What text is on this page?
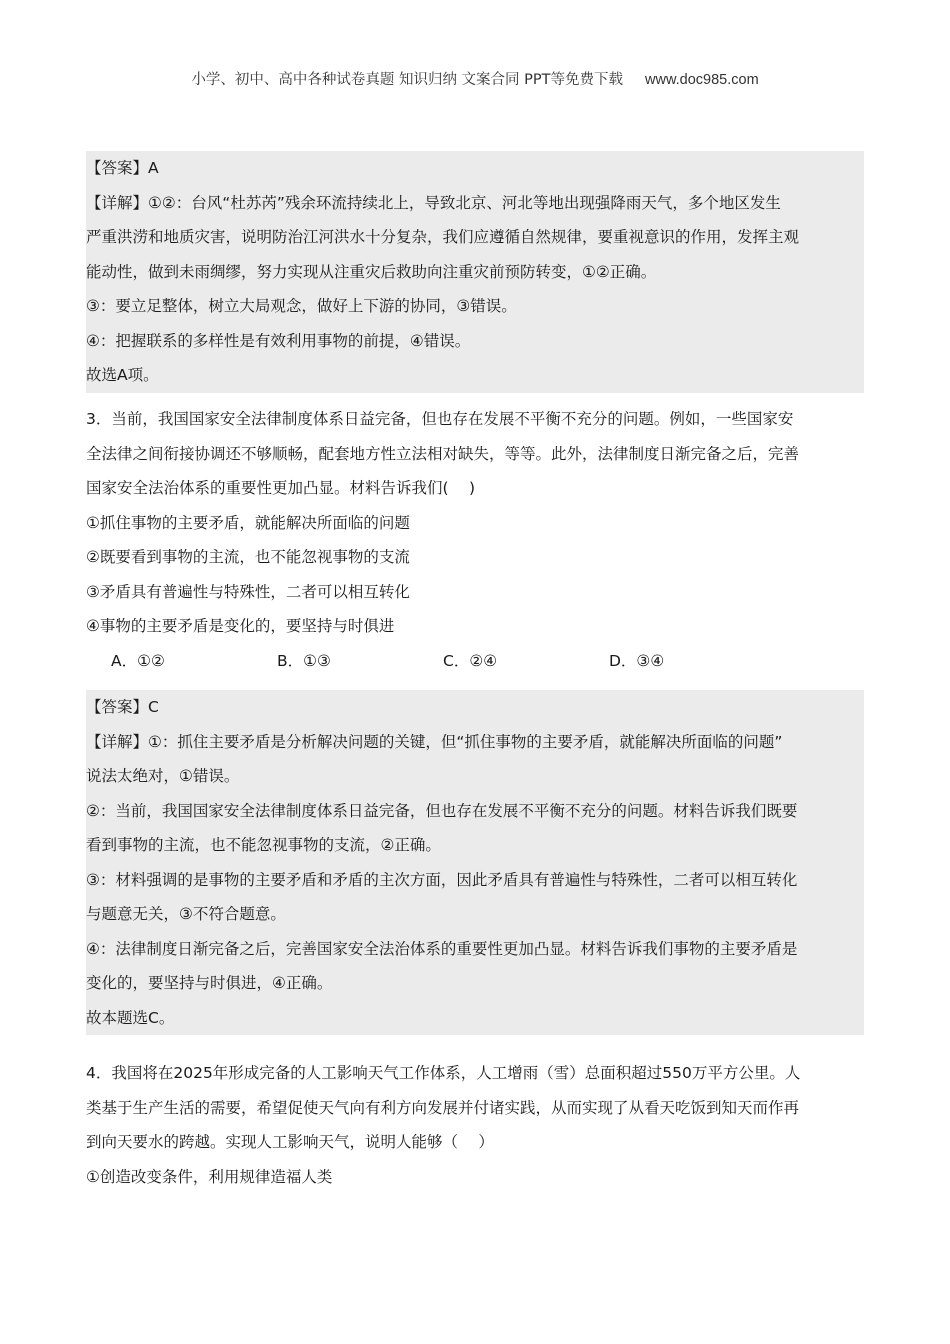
小学、初中、高中各种试卷真题 知识归纳 文案合同 PPT等免费下载 www.doc985.com
【答案】A
【详解】①②：台风“杜苏芮”残余环流持续北上，导致北京、河北等地出现强降雨天气，多个地区发生
严重洪涝和地质灾害，说明防治江河洪水十分复杂，我们应遵循自然规律，要重视意识的作用，发挥主观
能动性，做到未雨绸缪，努力实现从注重灾后救助向注重灾前预防转变，①②正确。
③：要立足整体，树立大局观念，做好上下游的协同，③错误。
④：把握联系的多样性是有效利用事物的前提，④错误。
故选A项。
3．当前，我国国家安全法律制度体系日益完备，但也存在发展不平衡不充分的问题。例如，一些国家安
全法律之间衔接协调还不够顺畅，配套地方性立法相对缺失，等等。此外，法律制度日渐完备之后，完善
国家安全法治体系的重要性更加凸显。材料告诉我们(　 )
①抓住事物的主要矛盾，就能解决所面临的问题
②既要看到事物的主流，也不能忽视事物的支流
③矛盾具有普遍性与特殊性，二者可以相互转化
④事物的主要矛盾是变化的，要坚持与时俱进
A．①②	B．①③	C．②④	D．③④
【答案】C
【详解】①：抓住主要矛盾是分析解决问题的关键，但“抓住事物的主要矛盾，就能解决所面临的问题”
说法太绝对，①错误。
②：当前，我国国家安全法律制度体系日益完备，但也存在发展不平衡不充分的问题。材料告诉我们既要
看到事物的主流，也不能忽视事物的支流，②正确。
③：材料强调的是事物的主要矛盾和矛盾的主次方面，因此矛盾具有普遍性与特殊性，二者可以相互转化
与题意无关，③不符合题意。
④：法律制度日渐完备之后，完善国家安全法治体系的重要性更加凸显。材料告诉我们事物的主要矛盾是
变化的，要坚持与时俱进，④正确。
故本题选C。
4．我国将在2025年形成完备的人工影响天气工作体系，人工增雨（雪）总面积超过550万平方公里。人
类基于生产生活的需要，希望促使天气向有利方向发展并付诸实践，从而实现了从看天吃饭到知天而作再
到向天要水的跨越。实现人工影响天气，说明人能够（　 ）
①创造改变条件，利用规律造福人类
